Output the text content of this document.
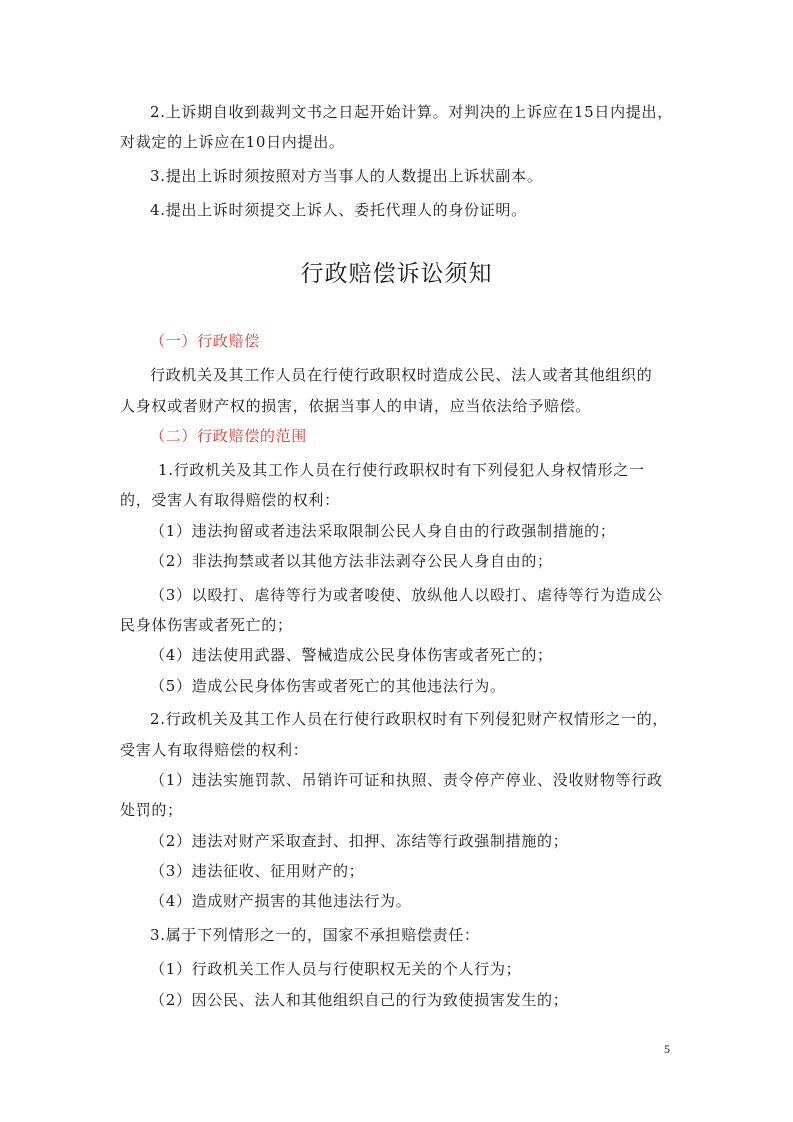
2.上诉期自收到裁判文书之日起开始计算。对判决的上诉应在15日内提出，

对裁定的上诉应在10日内提出。

3.提出上诉时须按照对方当事人的人数提出上诉状副本。

4.提出上诉时须提交上诉人、委托代理人的身份证明。

行政赔偿诉讼须知

（一）行政赔偿

行政机关及其工作人员在行使行政职权时造成公民、法人或者其他组织的

人身权或者财产权的损害，依据当事人的申请，应当依法给予赔偿。

（二）行政赔偿的范围

1.行政机关及其工作人员在行使行政职权时有下列侵犯人身权情形之一

的，受害人有取得赔偿的权利：

（1）违法拘留或者违法采取限制公民人身自由的行政强制措施的；

（2）非法拘禁或者以其他方法非法剥夺公民人身自由的；

（3）以殴打、虐待等行为或者唆使、放纵他人以殴打、虐待等行为造成公

民身体伤害或者死亡的；

（4）违法使用武器、警械造成公民身体伤害或者死亡的；

（5）造成公民身体伤害或者死亡的其他违法行为。

2.行政机关及其工作人员在行使行政职权时有下列侵犯财产权情形之一的，

受害人有取得赔偿的权利：

（1）违法实施罚款、吊销许可证和执照、责令停产停业、没收财物等行政

处罚的；

（2）违法对财产采取查封、扣押、冻结等行政强制措施的；

（3）违法征收、征用财产的；

（4）造成财产损害的其他违法行为。

3.属于下列情形之一的，国家不承担赔偿责任：

（1）行政机关工作人员与行使职权无关的个人行为；

（2）因公民、法人和其他组织自己的行为致使损害发生的；

5
